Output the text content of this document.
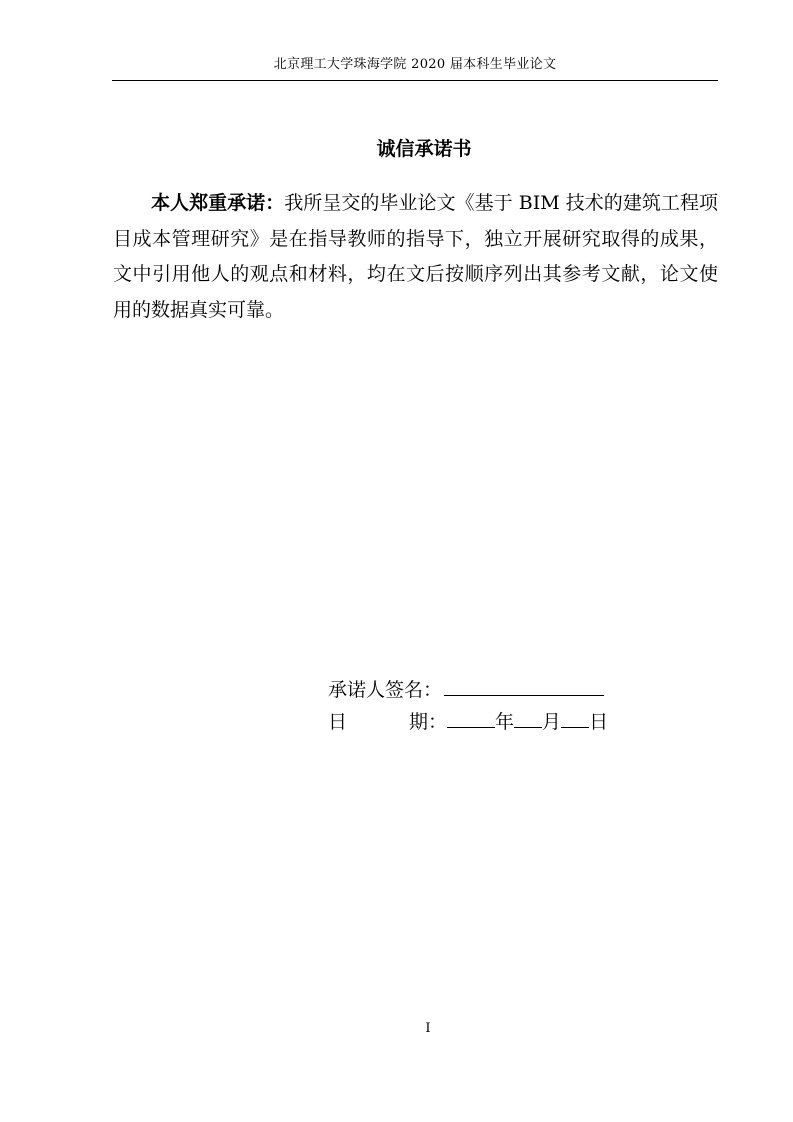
北京理工大学珠海学院 2020 届本科生毕业论文
诚信承诺书
本人郑重承诺：我所呈交的毕业论文《基于 BIM 技术的建筑工程项目成本管理研究》是在指导教师的指导下，独立开展研究取得的成果，文中引用他人的观点和材料，均在文后按顺序列出其参考文献，论文使用的数据真实可靠。
承诺人签名：
日	期：	年 月 日
I
